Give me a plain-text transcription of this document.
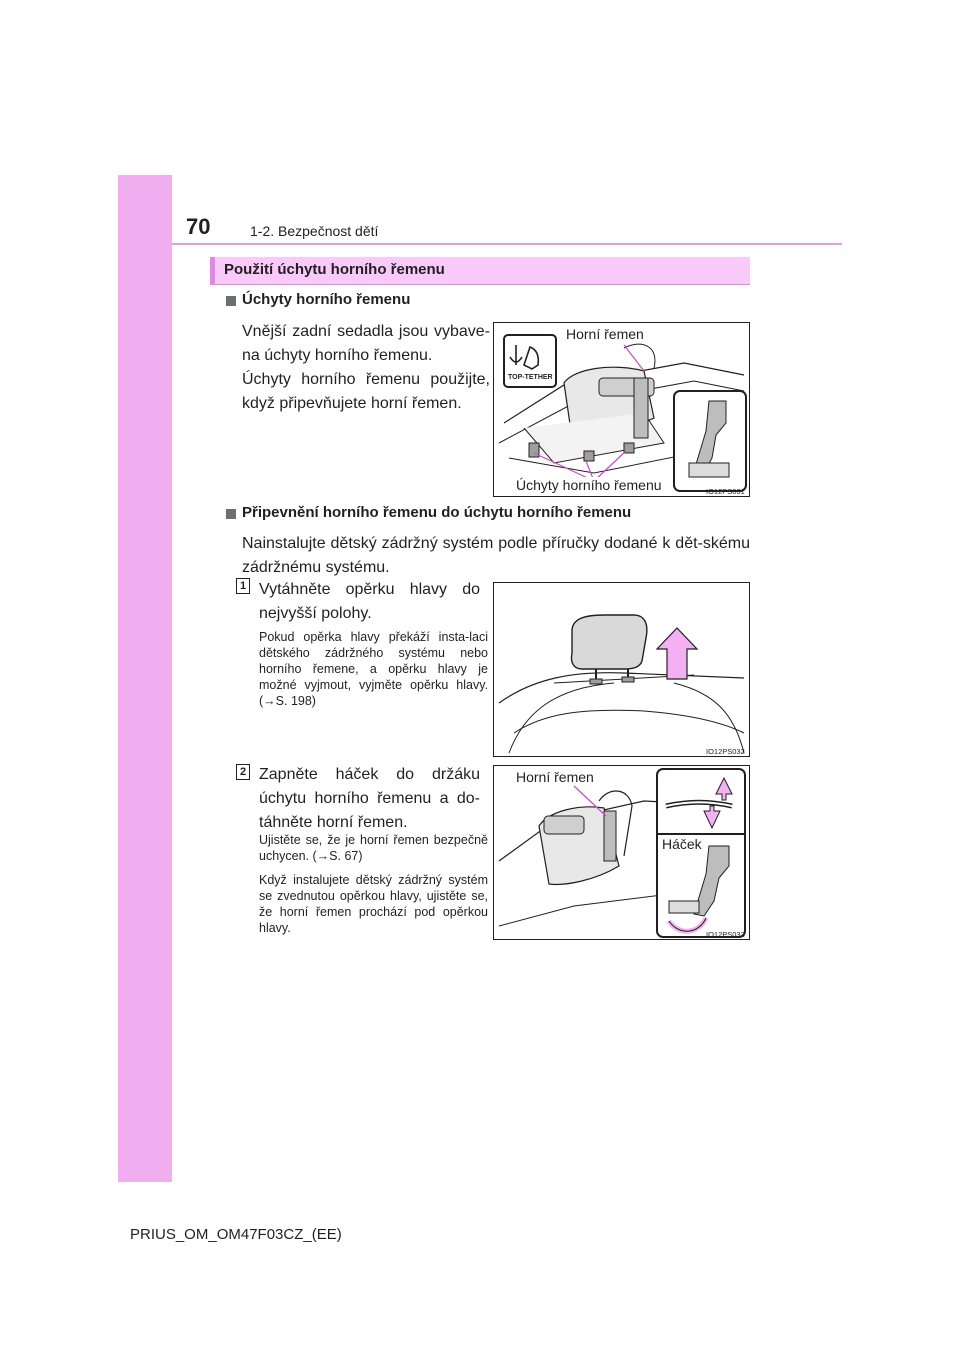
70	1-2. Bezpečnost dětí
Použití úchytu horního řemenu
Úchyty horního řemenu
Vnější zadní sedadla jsou vybave-na úchyty horního řemenu.
Úchyty horního řemenu použijte, když připevňujete horní řemen.
TOP-TETHER
Horní řemen
Úchyty horního řemenu	IO12PS031
Připevnění horního řemenu do úchytu horního řemenu
Nainstalujte dětský zádržný systém podle příručky dodané k dět-skému zádržnému systému.
1 Vytáhněte opěrku hlavy do nejvyšší polohy.
Pokud opěrka hlavy překáží insta-laci dětského zádržného systému nebo horního řemene, a opěrku hlavy je možné vyjmout, vyjměte opěrku hlavy. (→S. 198)
IO12PS032
2 Zapněte háček do držáku úchytu horního řemenu a do-táhněte horní řemen.
Ujistěte se, že je horní řemen bezpečně uchycen. (→S. 67)
Když instalujete dětský zádržný systém se zvednutou opěrkou hlavy, ujistěte se, že horní řemen prochází pod opěrkou hlavy.
Horní řemen
Háček
IO12PS033
PRIUS_OM_OM47F03CZ_(EE)
